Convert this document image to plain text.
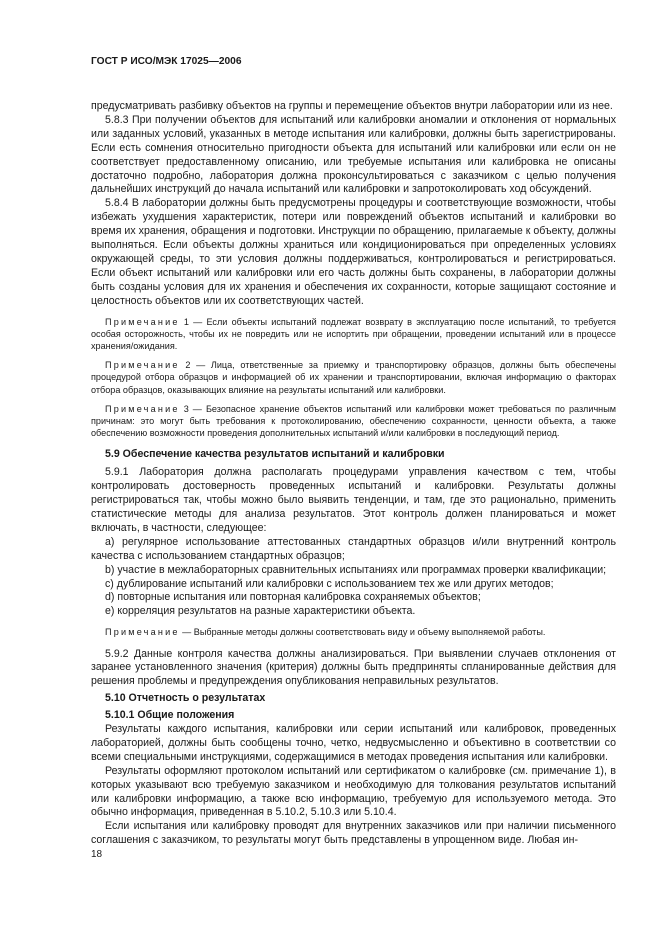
ГОСТ Р ИСО/МЭК 17025—2006

предусматривать разбивку объектов на группы и перемещение объектов внутри лаборатории или из нее.

5.8.3 При получении объектов для испытаний или калибровки аномалии и отклонения от нормальных или заданных условий, указанных в методе испытания или калибровки, должны быть зарегистрированы. Если есть сомнения относительно пригодности объекта для испытаний или калибровки или если он не соответствует предоставленному описанию, или требуемые испытания или калибровка не описаны достаточно подробно, лаборатория должна проконсультироваться с заказчиком с целью получения дальнейших инструкций до начала испытаний или калибровки и запротоколировать ход обсуждений.

5.8.4 В лаборатории должны быть предусмотрены процедуры и соответствующие возможности, чтобы избежать ухудшения характеристик, потери или повреждений объектов испытаний и калибровки во время их хранения, обращения и подготовки. Инструкции по обращению, прилагаемые к объекту, должны выполняться. Если объекты должны храниться или кондиционироваться при определенных условиях окружающей среды, то эти условия должны поддерживаться, контролироваться и регистрироваться. Если объект испытаний или калибровки или его часть должны быть сохранены, в лаборатории должны быть созданы условия для их хранения и обеспечения их сохранности, которые защищают состояние и целостность объектов или их соответствующих частей.

Примечание 1 — Если объекты испытаний подлежат возврату в эксплуатацию после испытаний, то требуется особая осторожность, чтобы их не повредить или не испортить при обращении, проведении испытаний или в процессе хранения/ожидания.

Примечание 2 — Лица, ответственные за приемку и транспортировку образцов, должны быть обеспечены процедурой отбора образцов и информацией об их хранении и транспортировании, включая информацию о факторах отбора образцов, оказывающих влияние на результаты испытаний или калибровки.

Примечание 3 — Безопасное хранение объектов испытаний или калибровки может требоваться по различным причинам: это могут быть требования к протоколированию, обеспечению сохранности, ценности объекта, а также обеспечению возможности проведения дополнительных испытаний и/или калибровки в последующий период.

5.9 Обеспечение качества результатов испытаний и калибровки

5.9.1 Лаборатория должна располагать процедурами управления качеством с тем, чтобы контролировать достоверность проведенных испытаний и калибровки. Результаты должны регистрироваться так, чтобы можно было выявить тенденции, и там, где это рационально, применить статистические методы для анализа результатов. Этот контроль должен планироваться и может включать, в частности, следующее:

a) регулярное использование аттестованных стандартных образцов и/или внутренний контроль качества с использованием стандартных образцов;

b) участие в межлабораторных сравнительных испытаниях или программах проверки квалификации;

c) дублирование испытаний или калибровки с использованием тех же или других методов;

d) повторные испытания или повторная калибровка сохраняемых объектов;

e) корреляция результатов на разные характеристики объекта.

Примечание — Выбранные методы должны соответствовать виду и объему выполняемой работы.

5.9.2 Данные контроля качества должны анализироваться. При выявлении случаев отклонения от заранее установленного значения (критерия) должны быть предприняты спланированные действия для решения проблемы и предупреждения опубликования неправильных результатов.

5.10 Отчетность о результатах

5.10.1 Общие положения

Результаты каждого испытания, калибровки или серии испытаний или калибровок, проведенных лабораторией, должны быть сообщены точно, четко, недвусмысленно и объективно в соответствии со всеми специальными инструкциями, содержащимися в методах проведения испытания или калибровки.

Результаты оформляют протоколом испытаний или сертификатом о калибровке (см. примечание 1), в которых указывают всю требуемую заказчиком и необходимую для толкования результатов испытаний или калибровки информацию, а также всю информацию, требуемую для используемого метода. Это обычно информация, приведенная в 5.10.2, 5.10.3 или 5.10.4.

Если испытания или калибровку проводят для внутренних заказчиков или при наличии письменного соглашения с заказчиком, то результаты могут быть представлены в упрощенном виде. Любая ин-

18
